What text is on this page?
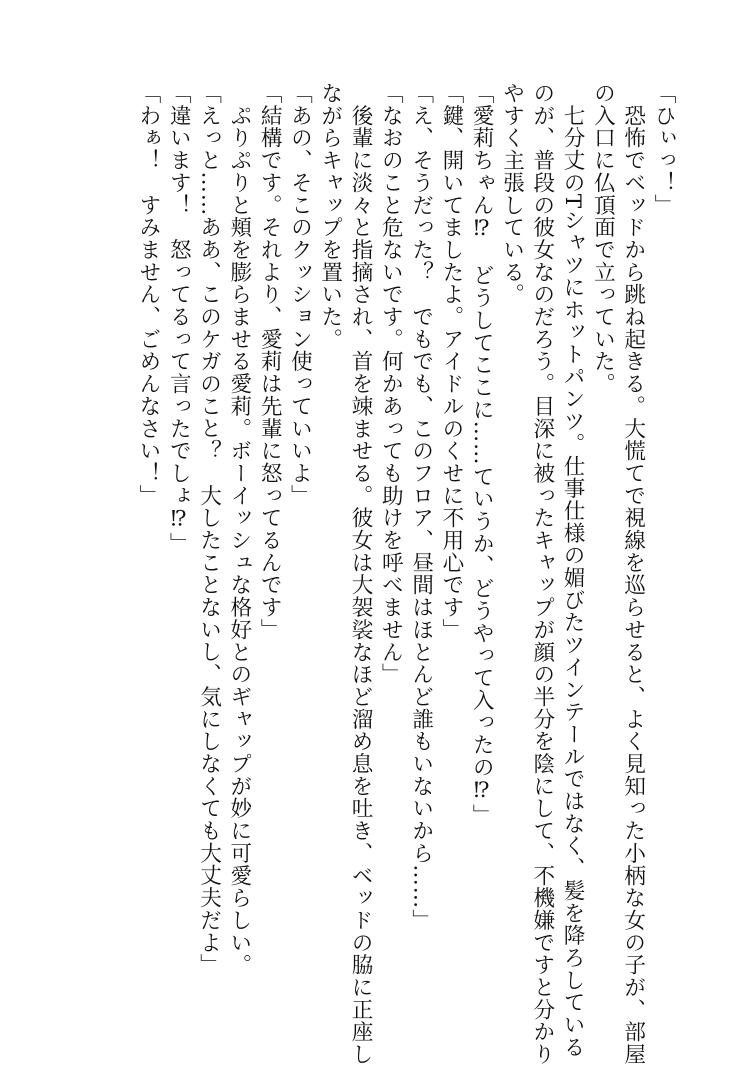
「ひぃっ！」
　恐怖でベッドから跳ね起きる。大慌てで視線を巡らせると、よく見知った小柄な女の子が、部屋
の入口に仏頂面で立っていた。
　七分丈のTシャツにホットパンツ。仕事仕様の媚びたツインテールではなく、髪を降ろしている
のが、普段の彼女なのだろう。目深に被ったキャップが顔の半分を陰にして、不機嫌ですと分かり
やすく主張している。
「愛莉ちゃん⁉　どうしてここに……ていうか、どうやって入ったの⁉」
「鍵、開いてましたよ。アイドルのくせに不用心です」
「え、そうだった？　でもでも、このフロア、昼間はほとんど誰もいないから……」
「なおのこと危ないです。何かあっても助けを呼べません」
　後輩に淡々と指摘され、首を竦ませる。彼女は大袈裟なほど溜め息を吐き、ベッドの脇に正座し
ながらキャップを置いた。
「あの、そこのクッション使っていいよ」
「結構です。それより、愛莉は先輩に怒ってるんです」
　ぷりぷりと頬を膨らませる愛莉。ボーイッシュな格好とのギャップが妙に可愛らしい。
「えっと……ああ、このケガのこと？　大したことないし、気にしなくても大丈夫だよ」
「違います！　怒ってるって言ったでしょ⁉」
「わぁ！　すみません、ごめんなさい！」
